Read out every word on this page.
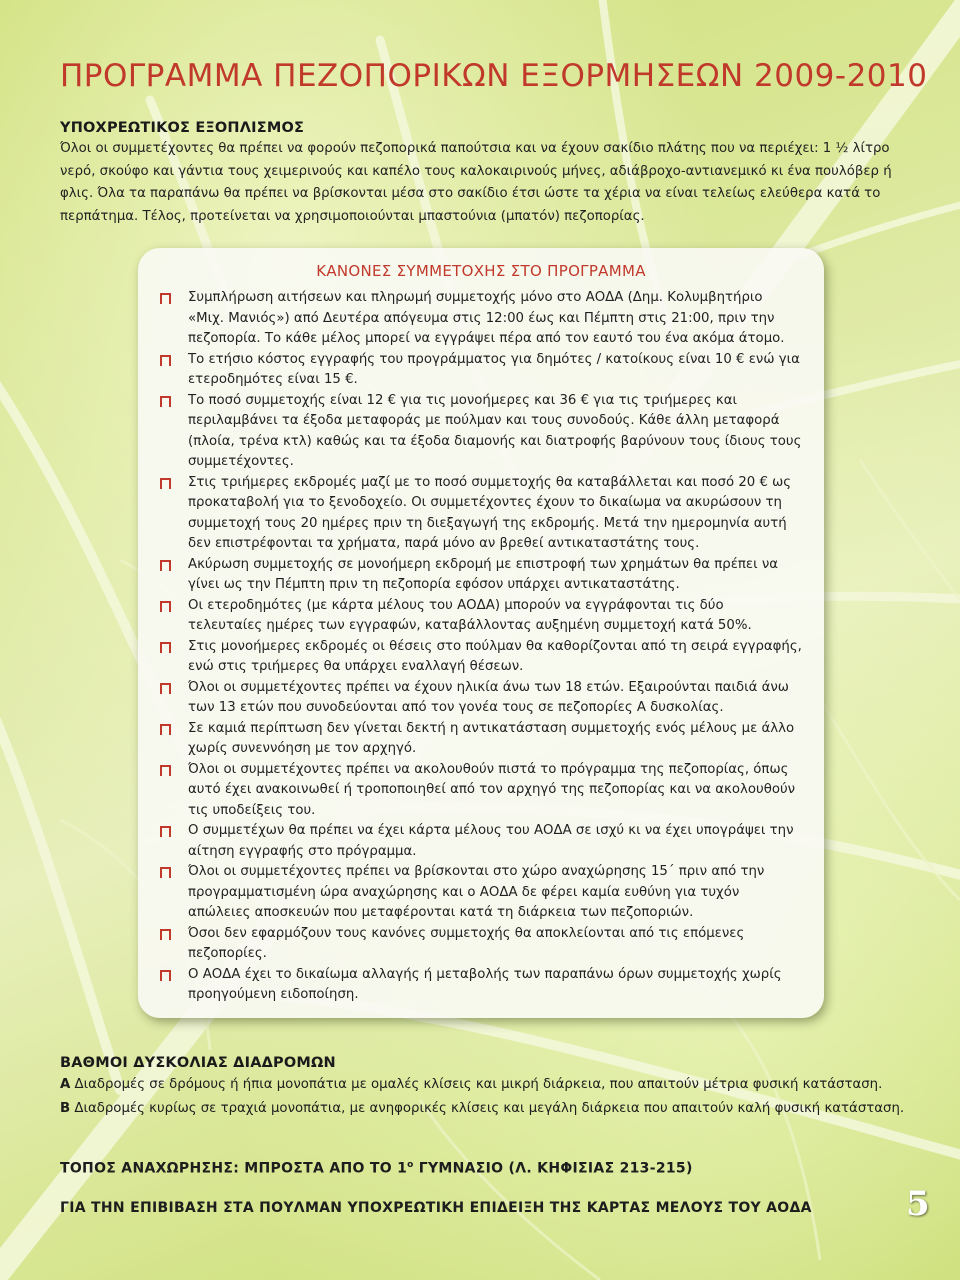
ΠΡΟΓΡΑΜΜΑ ΠΕΖΟΠΟΡΙΚΩΝ ΕΞΟΡΜΗΣΕΩΝ 2009-2010
ΥΠΟΧΡΕΩΤΙΚΟΣ ΕΞΟΠΛΙΣΜΟΣ

Όλοι οι συμμετέχοντες θα πρέπει να φορούν πεζοπορικά παπούτσια και να έχουν σακίδιο πλάτης που να περιέχει: 1 ½ λίτρο νερό, σκούφο και γάντια τους χειμερινούς και καπέλο τους καλοκαιρινούς μήνες, αδιάβροχο-αντιανεμικό κι ένα πουλόβερ ή φλις. Όλα τα παραπάνω θα πρέπει να βρίσκονται μέσα στο σακίδιο έτσι ώστε τα χέρια να είναι τελείως ελεύθερα κατά το περπάτημα. Τέλος, προτείνεται να χρησιμοποιούνται μπαστούνια (μπατόν) πεζοπορίας.

ΚΑΝΟΝΕΣ ΣΥΜΜΕΤΟΧΗΣ ΣΤΟ ΠΡΟΓΡΑΜΜΑ
Συμπλήρωση αιτήσεων και πληρωμή συμμετοχής μόνο στο ΑΟΔΑ (Δημ. Κολυμβητήριο «Μιχ. Μανιός») από Δευτέρα απόγευμα στις 12:00 έως και Πέμπτη στις 21:00, πριν την πεζοπορία. Το κάθε μέλος μπορεί να εγγράψει πέρα από τον εαυτό του ένα ακόμα άτομο.
Το ετήσιο κόστος εγγραφής του προγράμματος για δημότες / κατοίκους είναι 10 € ενώ για ετεροδημότες είναι 15 €.
Το ποσό συμμετοχής είναι 12 € για τις μονοήμερες και 36 € για τις τριήμερες και περιλαμβάνει τα έξοδα μεταφοράς με πούλμαν και τους συνοδούς. Κάθε άλλη μεταφορά (πλοία, τρένα κτλ) καθώς και τα έξοδα διαμονής και διατροφής βαρύνουν τους ίδιους τους συμμετέχοντες.
Στις τριήμερες εκδρομές μαζί με το ποσό συμμετοχής θα καταβάλλεται και ποσό 20 € ως προκαταβολή για το ξενοδοχείο. Οι συμμετέχοντες έχουν το δικαίωμα να ακυρώσουν τη συμμετοχή τους 20 ημέρες πριν τη διεξαγωγή της εκδρομής. Μετά την ημερομηνία αυτή δεν επιστρέφονται τα χρήματα, παρά μόνο αν βρεθεί αντικαταστάτης τους.
Ακύρωση συμμετοχής σε μονοήμερη εκδρομή με επιστροφή των χρημάτων θα πρέπει να γίνει ως την Πέμπτη πριν τη πεζοπορία εφόσον υπάρχει αντικαταστάτης.
Οι ετεροδημότες (με κάρτα μέλους του ΑΟΔΑ) μπορούν να εγγράφονται τις δύο τελευταίες ημέρες των εγγραφών, καταβάλλοντας αυξημένη συμμετοχή κατά 50%.
Στις μονοήμερες εκδρομές οι θέσεις στο πούλμαν θα καθορίζονται από τη σειρά εγγραφής, ενώ στις τριήμερες θα υπάρχει εναλλαγή θέσεων.
Όλοι οι συμμετέχοντες πρέπει να έχουν ηλικία άνω των 18 ετών. Εξαιρούνται παιδιά άνω των 13 ετών που συνοδεύονται από τον γονέα τους σε πεζοπορίες Α δυσκολίας.
Σε καμιά περίπτωση δεν γίνεται δεκτή η αντικατάσταση συμμετοχής ενός μέλους με άλλο χωρίς συνεννόηση με τον αρχηγό.
Όλοι οι συμμετέχοντες πρέπει να ακολουθούν πιστά το πρόγραμμα της πεζοπορίας, όπως αυτό έχει ανακοινωθεί ή τροποποιηθεί από τον αρχηγό της πεζοπορίας και να ακολουθούν τις υποδείξεις του.
Ο συμμετέχων θα πρέπει να έχει κάρτα μέλους του ΑΟΔΑ σε ισχύ κι να έχει υπογράψει την αίτηση εγγραφής στο πρόγραμμα.
Όλοι οι συμμετέχοντες πρέπει να βρίσκονται στο χώρο αναχώρησης 15΄ πριν από την προγραμματισμένη ώρα αναχώρησης και ο ΑΟΔΑ δε φέρει καμία ευθύνη για τυχόν απώλειες αποσκευών που μεταφέρονται κατά τη διάρκεια των πεζοποριών.
Όσοι δεν εφαρμόζουν τους κανόνες συμμετοχής θα αποκλείονται από τις επόμενες πεζοπορίες.
Ο ΑΟΔΑ έχει το δικαίωμα αλλαγής ή μεταβολής των παραπάνω όρων συμμετοχής χωρίς προηγούμενη ειδοποίηση.
ΒΑΘΜΟΙ ΔΥΣΚΟΛΙΑΣ ΔΙΑΔΡΟΜΩΝ

Α Διαδρομές σε δρόμους ή ήπια μονοπάτια με ομαλές κλίσεις και μικρή διάρκεια, που απαιτούν μέτρια φυσική κατάσταση.

Β Διαδρομές κυρίως σε τραχιά μονοπάτια, με ανηφορικές κλίσεις και μεγάλη διάρκεια που απαιτούν καλή φυσική κατάσταση.

ΤΟΠΟΣ ΑΝΑΧΩΡΗΣΗΣ: ΜΠΡΟΣΤΑ ΑΠΟ ΤΟ $1^o$ ΓΥΜΝΑΣΙΟ (Λ. ΚΗΦΙΣΙΑΣ 213-215)
ΓΙΑ ΤΗΝ ΕΠΙΒΙΒΑΣΗ ΣΤΑ ΠΟΥΛΜΑΝ ΥΠΟΧΡΕΩΤΙΚΗ ΕΠΙΔΕΙΞΗ ΤΗΣ ΚΑΡΤΑΣ ΜΕΛΟΥΣ ΤΟΥ ΑΟΔΑ	5
